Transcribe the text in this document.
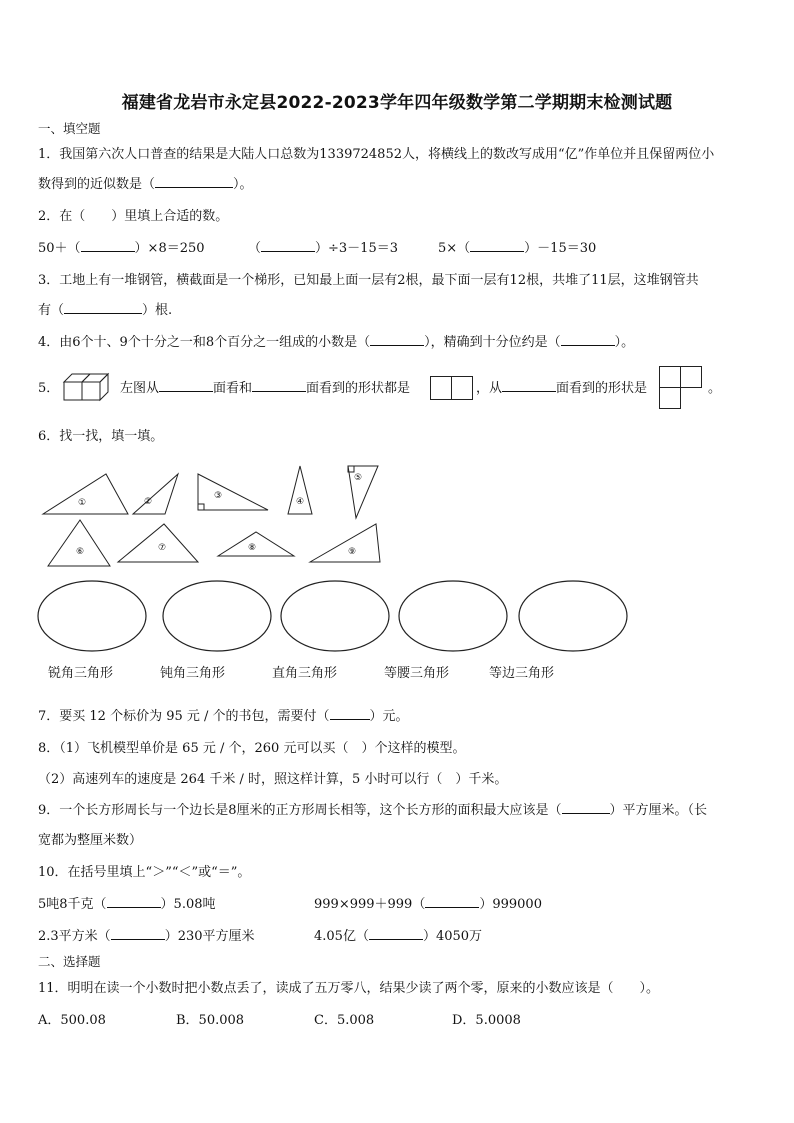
福建省龙岩市永定县2022-2023学年四年级数学第二学期期末检测试题
一、填空题
1．我国第六次人口普查的结果是大陆人口总数为1339724852人，将横线上的数改写成用“亿”作单位并且保留两位小
数得到的近似数是（	）。
2．在（　　）里填上合适的数。
50＋（	）×8＝250	（	）÷3－15＝3	5×（	）－15＝30
3．工地上有一堆钢管，横截面是一个梯形，已知最上面一层有2根，最下面一层有12根，共堆了11层，这堆钢管共
有（	）根.
4．由6个十、9个十分之一和8个百分之一组成的小数是（	），精确到十分位约是（	）。
5．	左图从	面看和	面看到的形状都是	，从	面看到的形状是	。
6．找一找，填一填。
①	②
③
④
⑤
⑥	⑦	⑧	⑨
锐角三角形	钝角三角形	直角三角形	等腰三角形	等边三角形
7．要买 12 个标价为 95 元 / 个的书包，需要付（	）元。
8．（1）飞机模型单价是 65 元 / 个，260 元可以买（　）个这样的模型。
（2）高速列车的速度是 264 千米 / 时，照这样计算，5 小时可以行（　）千米。
9．一个长方形周长与一个边长是8厘米的正方形周长相等，这个长方形的面积最大应该是（	）平方厘米。（长
宽都为整厘米数）
10．在括号里填上“＞”“＜”或“＝”。
5吨8千克（	）5.08吨	999×999＋999（	）999000
2.3平方米（	）230平方厘米	4.05亿（	）4050万
二、选择题
11．明明在读一个小数时把小数点丢了，读成了五万零八，结果少读了两个零，原来的小数应该是（　　）。
A．500.08	B．50.008	C．5.008	D．5.0008
